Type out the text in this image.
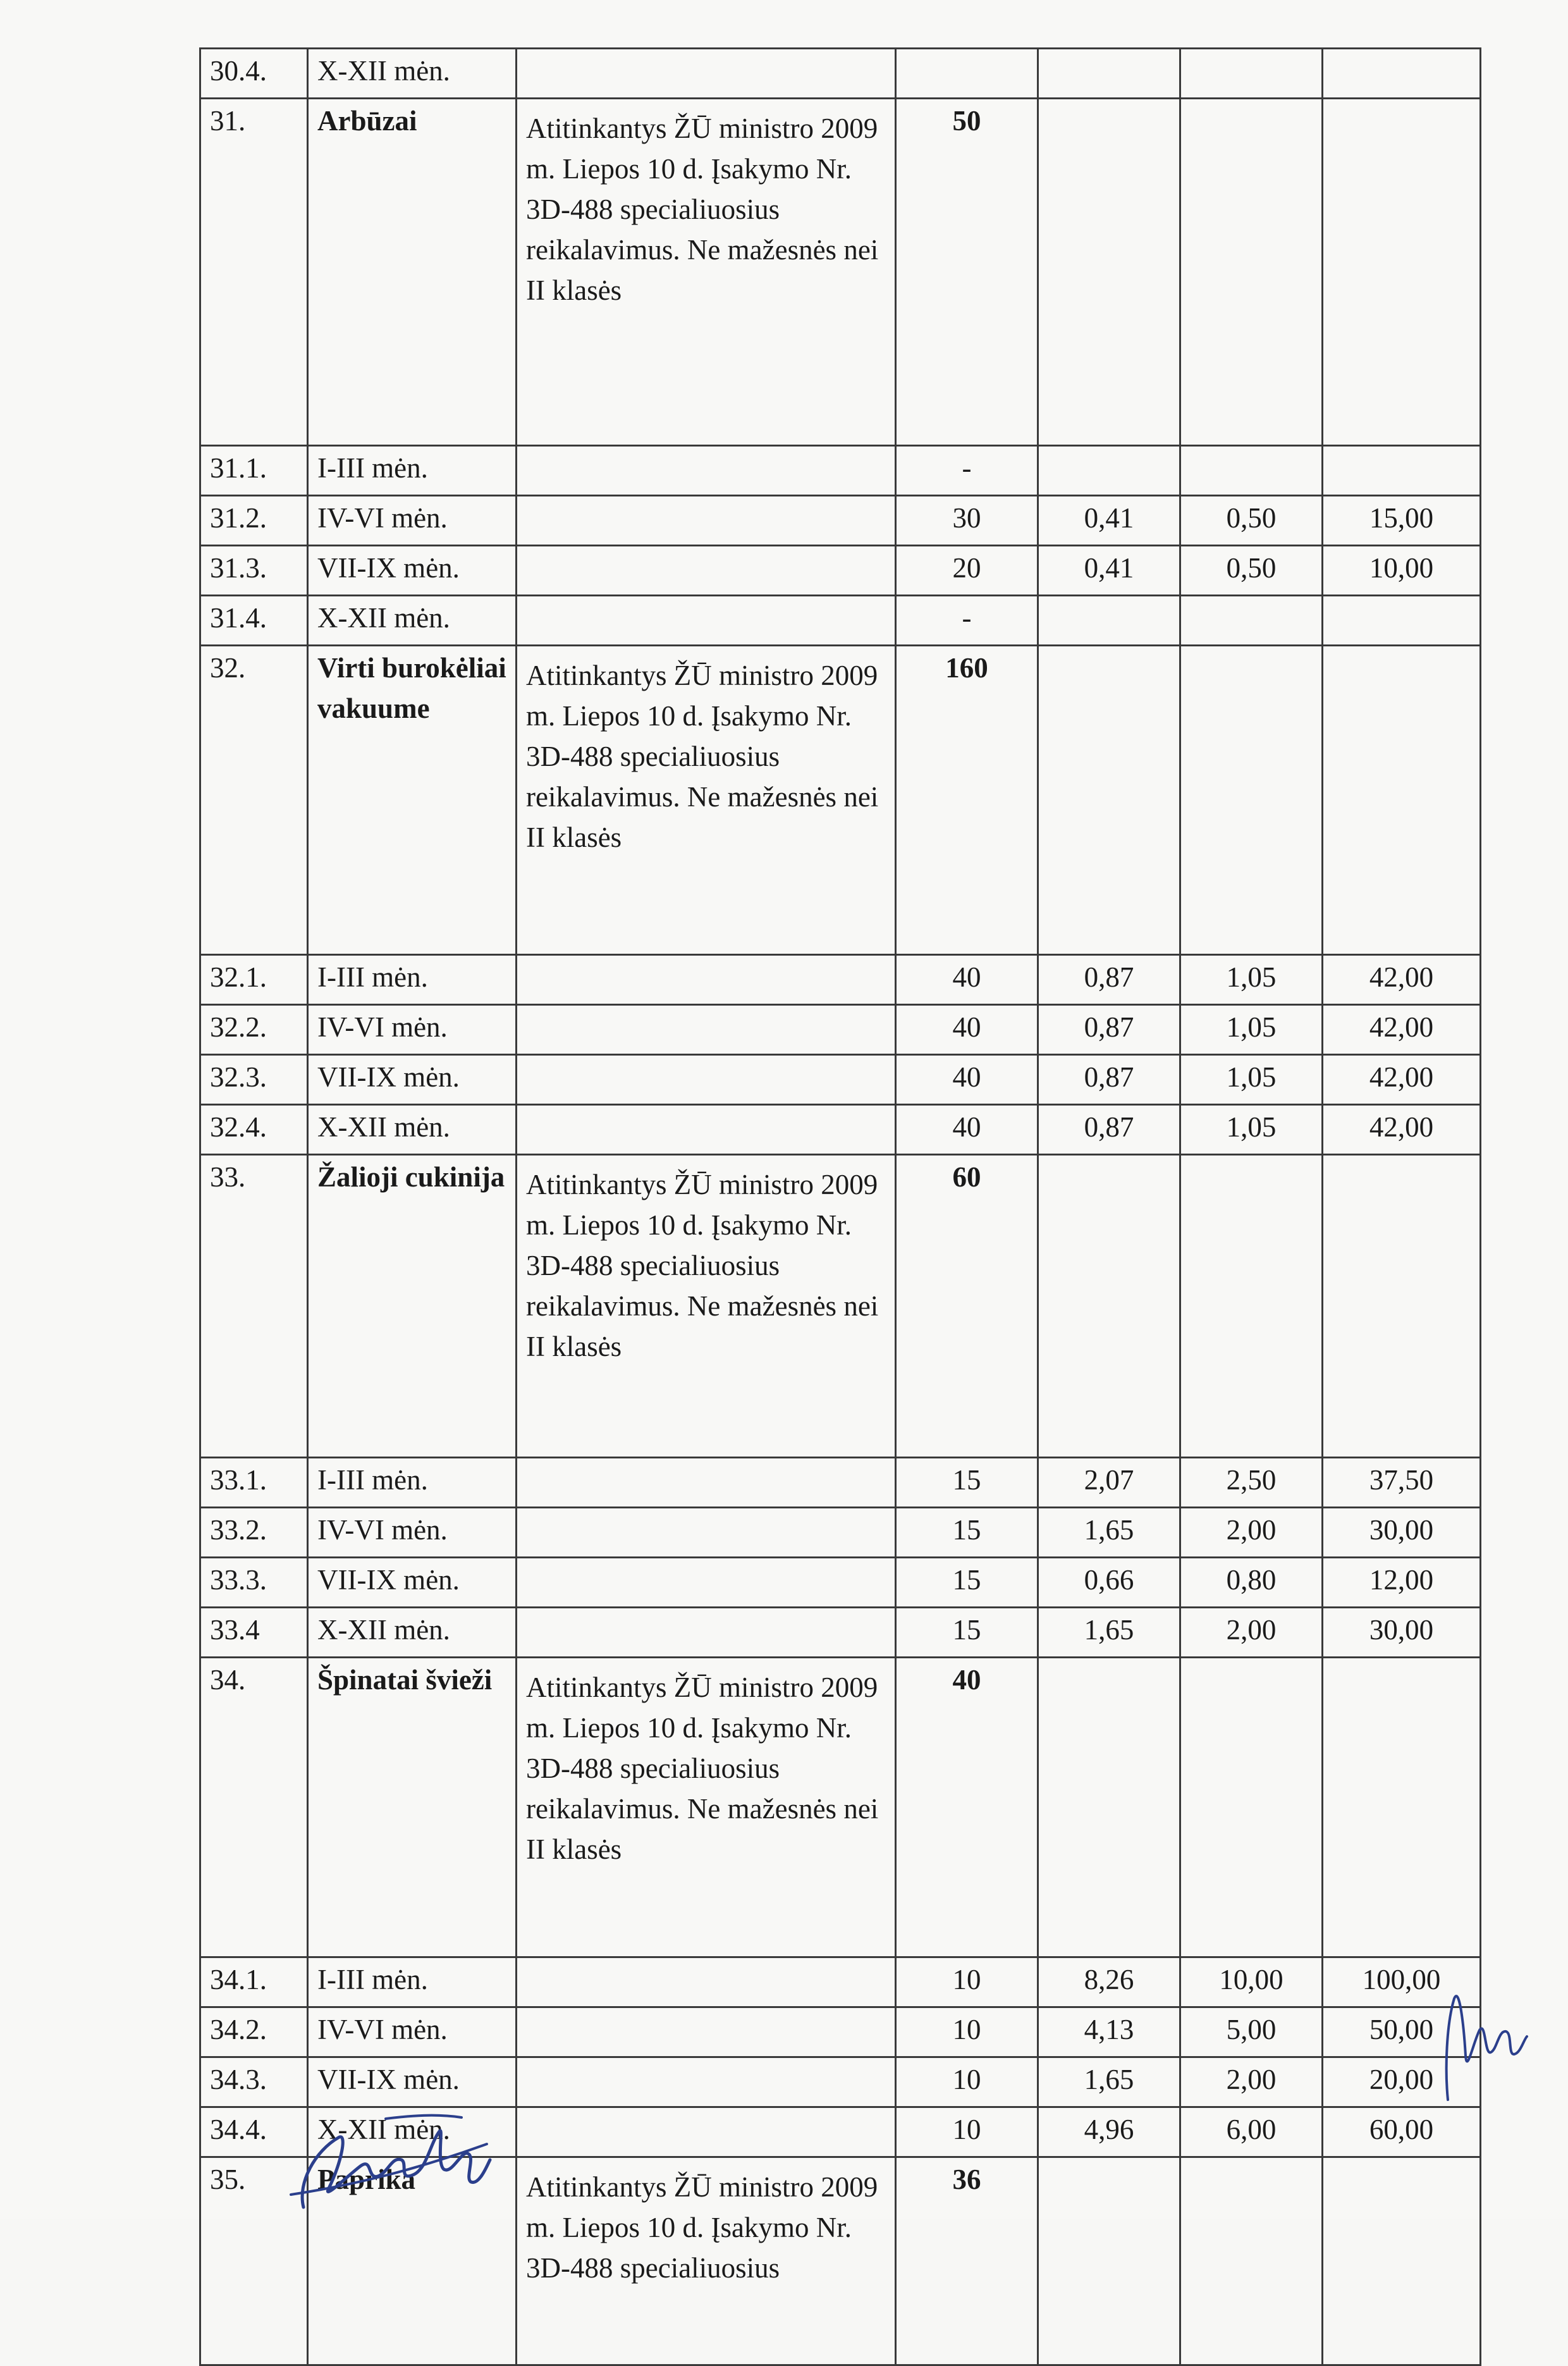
30.4.	X-XII mėn.					
31.	Arbūzai	Atitinkantys ŽŪ ministro 2009 m. Liepos 10 d. Įsakymo Nr. 3D-488 specialiuosius reikalavimus. Ne mažesnės nei II klasės	50			
31.1.	I-III mėn.		-			
31.2.	IV-VI mėn.		30	0,41	0,50	15,00
31.3.	VII-IX mėn.		20	0,41	0,50	10,00
31.4.	X-XII mėn.		-			
32.	Virti burokėliai vakuume	Atitinkantys ŽŪ ministro 2009 m. Liepos 10 d. Įsakymo Nr. 3D-488 specialiuosius reikalavimus. Ne mažesnės nei II klasės	160			
32.1.	I-III mėn.		40	0,87	1,05	42,00
32.2.	IV-VI mėn.		40	0,87	1,05	42,00
32.3.	VII-IX mėn.		40	0,87	1,05	42,00
32.4.	X-XII mėn.		40	0,87	1,05	42,00
33.	Žalioji cukinija	Atitinkantys ŽŪ ministro 2009 m. Liepos 10 d. Įsakymo Nr. 3D-488 specialiuosius reikalavimus. Ne mažesnės nei II klasės	60			
33.1.	I-III mėn.		15	2,07	2,50	37,50
33.2.	IV-VI mėn.		15	1,65	2,00	30,00
33.3.	VII-IX mėn.		15	0,66	0,80	12,00
33.4	X-XII mėn.		15	1,65	2,00	30,00
34.	Špinatai švieži	Atitinkantys ŽŪ ministro 2009 m. Liepos 10 d. Įsakymo Nr. 3D-488 specialiuosius reikalavimus. Ne mažesnės nei II klasės	40			
34.1.	I-III mėn.		10	8,26	10,00	100,00
34.2.	IV-VI mėn.		10	4,13	5,00	50,00
34.3.	VII-IX mėn.		10	1,65	2,00	20,00
34.4.	X-XII mėn.		10	4,96	6,00	60,00
35.	Paprika	Atitinkantys ŽŪ ministro 2009 m. Liepos 10 d. Įsakymo Nr. 3D-488 specialiuosius	36			
